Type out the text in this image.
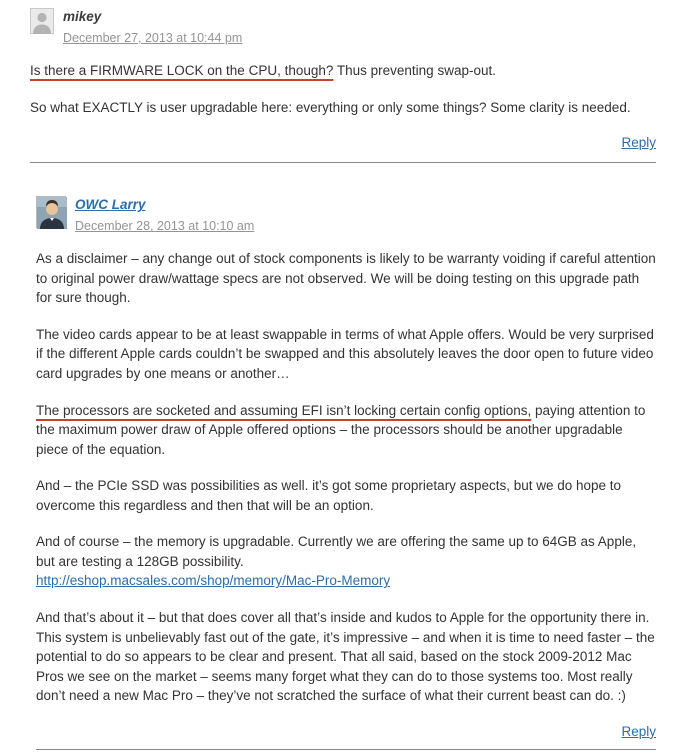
mikey
December 27, 2013 at 10:44 pm

Is there a FIRMWARE LOCK on the CPU, though? Thus preventing swap-out.

So what EXACTLY is user upgradable here: everything or only some things? Some clarity is needed.

Reply
OWC Larry
December 28, 2013 at 10:10 am

As a disclaimer – any change out of stock components is likely to be warranty voiding if careful attention to original power draw/wattage specs are not observed. We will be doing testing on this upgrade path for sure though.

The video cards appear to be at least swappable in terms of what Apple offers. Would be very surprised if the different Apple cards couldn’t be swapped and this absolutely leaves the door open to future video card upgrades by one means or another…

The processors are socketed and assuming EFI isn’t locking certain config options, paying attention to the maximum power draw of Apple offered options – the processors should be another upgradable piece of the equation.

And – the PCIe SSD was possibilities as well. it’s got some proprietary aspects, but we do hope to overcome this regardless and then that will be an option.

And of course – the memory is upgradable. Currently we are offering the same up to 64GB as Apple, but are testing a 128GB possibility.
http://eshop.macsales.com/shop/memory/Mac-Pro-Memory

And that’s about it – but that does cover all that’s inside and kudos to Apple for the opportunity there in. This system is unbelievably fast out of the gate, it’s impressive – and when it is time to need faster – the potential to do so appears to be clear and present. That all said, based on the stock 2009-2012 Mac Pros we see on the market – seems many forget what they can do to those systems too. Most really don’t need a new Mac Pro – they’ve not scratched the surface of what their current beast can do. :)

Reply
